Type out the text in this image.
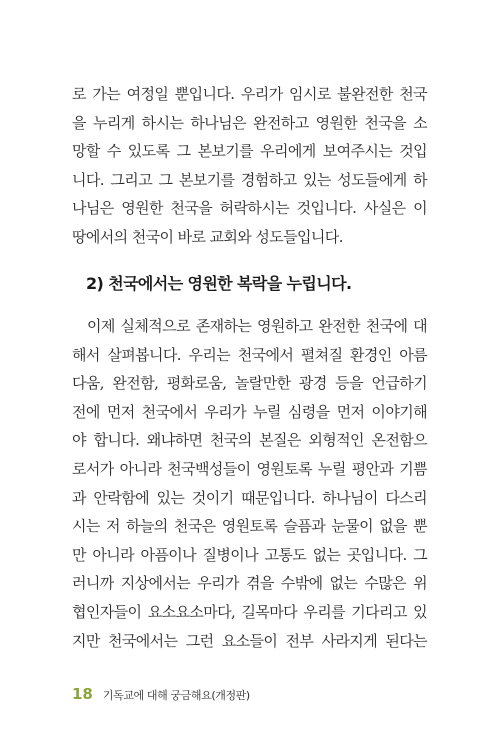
로 가는 여정일 뿐입니다. 우리가 임시로 불완전한 천국
을 누리게 하시는 하나님은 완전하고 영원한 천국을 소
망할 수 있도록 그 본보기를 우리에게 보여주시는 것입
니다. 그리고 그 본보기를 경험하고 있는 성도들에게 하
나님은 영원한 천국을 허락하시는 것입니다. 사실은 이
땅에서의 천국이 바로 교회와 성도들입니다.

2) 천국에서는 영원한 복락을 누립니다.

이제 실체적으로 존재하는 영원하고 완전한 천국에 대
해서 살펴봅니다. 우리는 천국에서 펼쳐질 환경인 아름
다움, 완전함, 평화로움, 놀랄만한 광경 등을 언급하기
전에 먼저 천국에서 우리가 누릴 심령을 먼저 이야기해
야 합니다. 왜냐하면 천국의 본질은 외형적인 온전함으
로서가 아니라 천국백성들이 영원토록 누릴 평안과 기쁨
과 안락함에 있는 것이기 때문입니다. 하나님이 다스리
시는 저 하늘의 천국은 영원토록 슬픔과 눈물이 없을 뿐
만 아니라 아픔이나 질병이나 고통도 없는 곳입니다. 그
러니까 지상에서는 우리가 겪을 수밖에 없는 수많은 위
협인자들이 요소요소마다, 길목마다 우리를 기다리고 있
지만 천국에서는 그런 요소들이 전부 사라지게 된다는

18 기독교에 대해 궁금해요(개정판)
